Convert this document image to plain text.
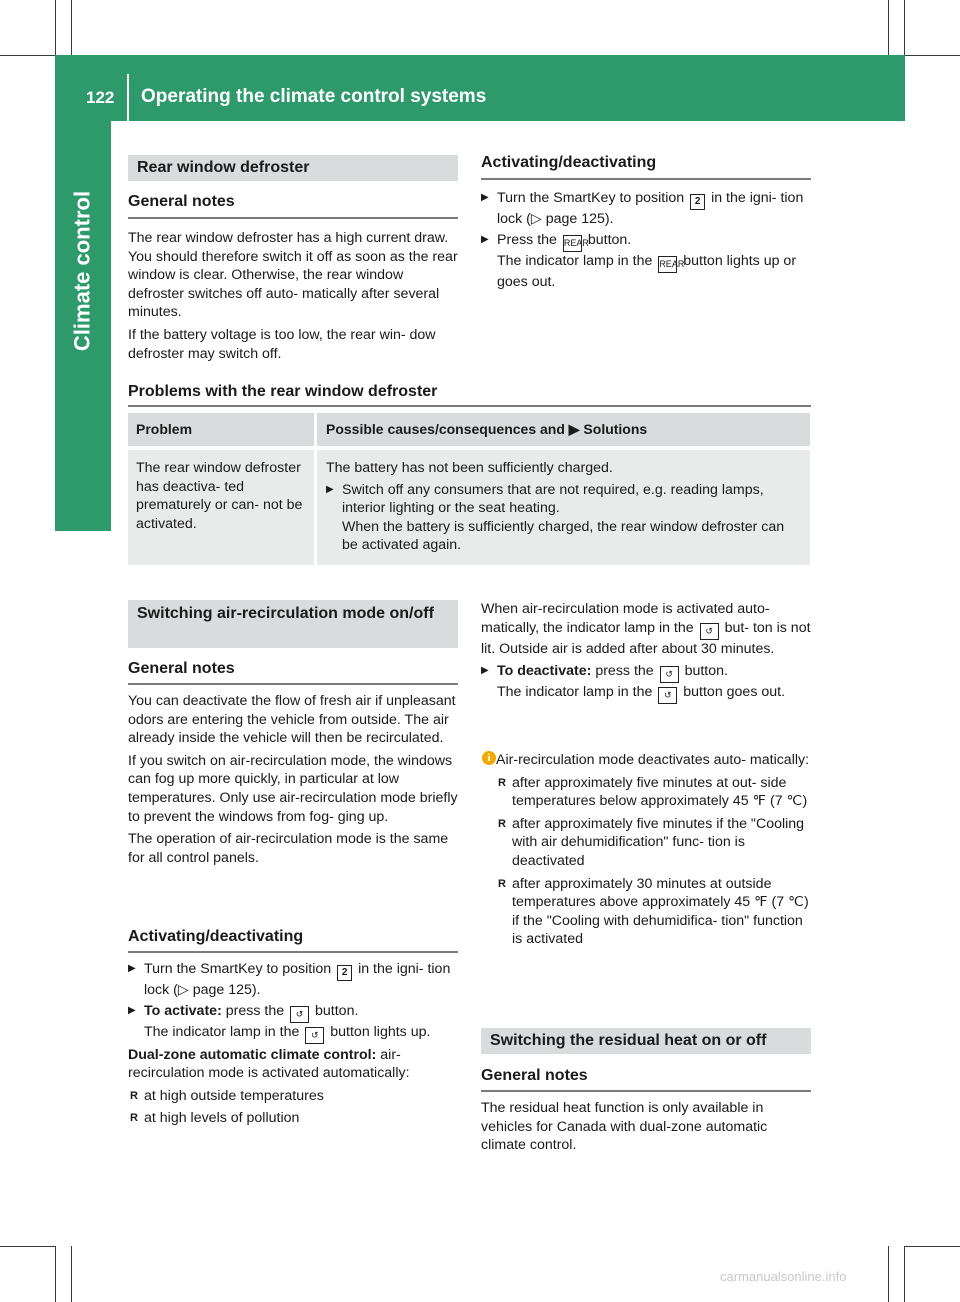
122 Operating the climate control systems
Climate control
Rear window defroster
General notes

The rear window defroster has a high current draw. You should therefore switch it off as soon as the rear window is clear. Otherwise, the rear window defroster switches off auto- matically after several minutes.

If the battery voltage is too low, the rear win- dow defroster may switch off.

Activating/deactivating
▶ Turn the SmartKey to position 2 in the igni- tion lock (▷ page 125).
▶ Press the REAR button.
The indicator lamp in the REAR button lights up or goes out.
Problems with the rear window defroster
Problem	Possible causes/consequences and ▶ Solutions
The rear window defroster has deactiva- ted prematurely or can- not be activated.
The battery has not been sufficiently charged.
▶ Switch off any consumers that are not required, e.g. reading lamps, interior lighting or the seat heating.
When the battery is sufficiently charged, the rear window defroster can be activated again.
Switching air-recirculation mode on/off
General notes

You can deactivate the flow of fresh air if unpleasant odors are entering the vehicle from outside. The air already inside the vehicle will then be recirculated.

If you switch on air-recirculation mode, the windows can fog up more quickly, in particular at low temperatures. Only use air-recirculation mode briefly to prevent the windows from fog- ging up.

The operation of air-recirculation mode is the same for all control panels.

Activating/deactivating
▶ Turn the SmartKey to position 2 in the igni- tion lock (▷ page 125).
▶ To activate: press the ↺ button.
The indicator lamp in the ↺ button lights up.

Dual-zone automatic climate control: air- recirculation mode is activated automatically:

R at high outside temperatures
R at high levels of pollution

When air-recirculation mode is activated auto- matically, the indicator lamp in the ↺ but- ton is not lit. Outside air is added after about 30 minutes.

▶ To deactivate: press the ↺ button.
The indicator lamp in the ↺ button goes out.
i Air-recirculation mode deactivates auto- matically:
R after approximately five minutes at out- side temperatures below approximately 45 ℉ (7 ℃)
R after approximately five minutes if the "Cooling with air dehumidification" func- tion is deactivated
R after approximately 30 minutes at outside temperatures above approximately 45 ℉ (7 ℃) if the "Cooling with dehumidifica- tion" function is activated
Switching the residual heat on or off
General notes

The residual heat function is only available in vehicles for Canada with dual-zone automatic climate control.

carmanualsonline.info
